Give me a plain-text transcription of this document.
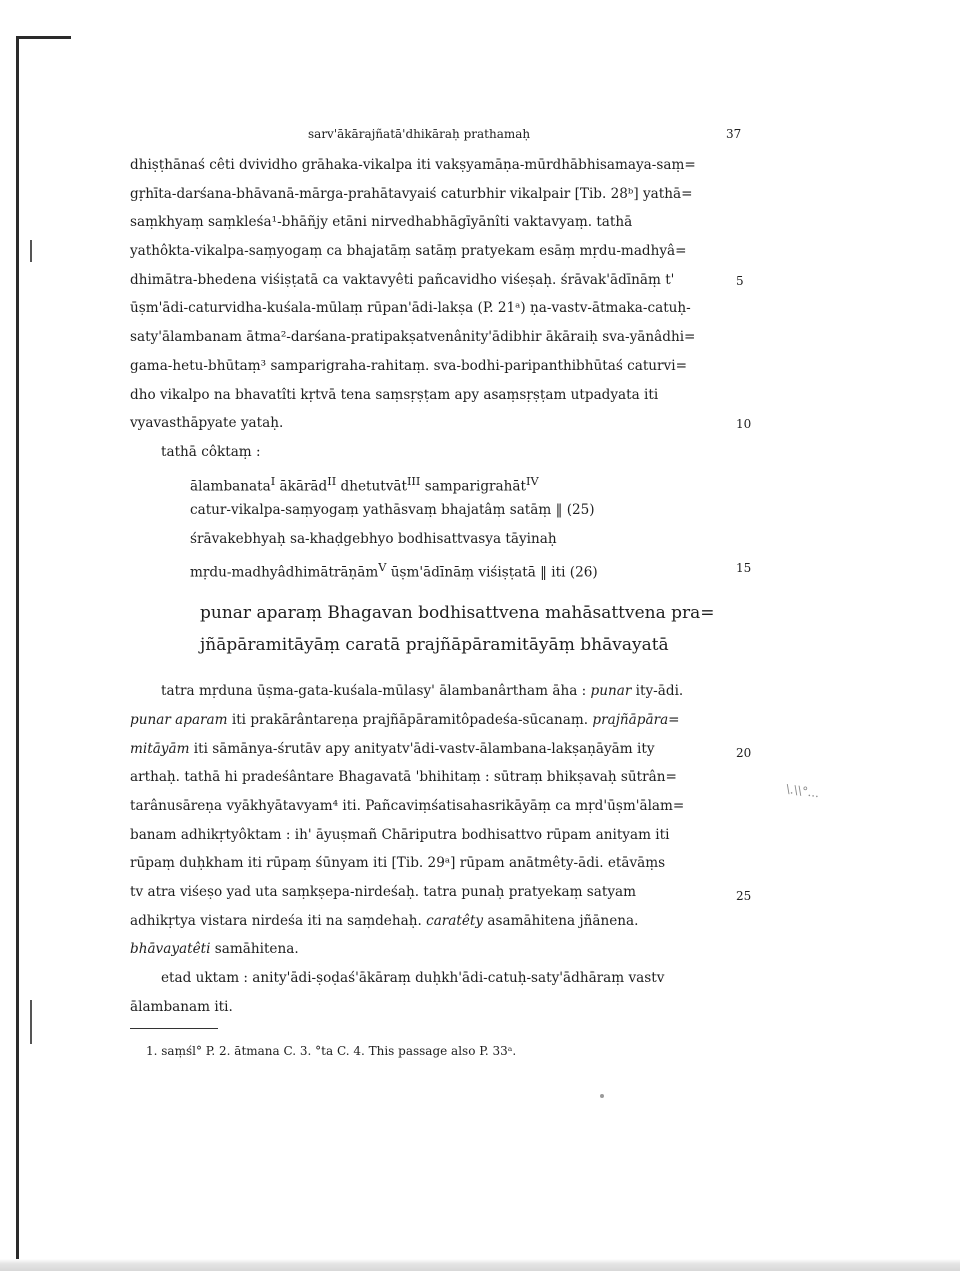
sarv'ākārajñatā'dhikāraḥ prathamaḥ	37
dhiṣṭhānaś cêti dvividho grāhaka-vikalpa iti vakṣyamāṇa-mūrdhābhisamaya-saṃ=
gṛhīta-darśana-bhāvanā-mārga-prahātavyaiś caturbhir vikalpair [Tib. 28ᵇ] yathā=
saṃkhyaṃ saṃkleśa¹-bhāñjy etāni nirvedhabhāgīyānîti vaktavyaṃ. tathā
yathôkta-vikalpa-saṃyogaṃ ca bhajatāṃ satāṃ pratyekam esāṃ mṛdu-madhyâ=
dhimātra-bhedena viśiṣṭatā ca vaktavyêti pañcavidho viśeṣaḥ. śrāvak'ādīnāṃ t'
ūṣm'ādi-caturvidha-kuśala-mūlaṃ rūpan'ādi-lakṣa (P. 21ᵃ) ṇa-vastv-ātmaka-catuḥ-
saty'ālambanam ātma²-darśana-pratipakṣatvenânity'ādibhir ākāraiḥ sva-yānâdhi=
gama-hetu-bhūtaṃ³ samparigraha-rahitaṃ. sva-bodhi-paripanthibhūtaś caturvi=
dho vikalpo na bhavatîti kṛtvā tena saṃsṛṣṭam apy asaṃsṛṣṭam utpadyata iti
vyavasthāpyate yataḥ.
tathā côktaṃ :
ālambanata$^I$ ākārād$^{II}$ dhetutvāt$^{III}$ samparigrahāt$^{IV}$
catur-vikalpa-saṃyogaṃ yathāsvaṃ bhajatâṃ satāṃ ‖ (25)
śrāvakebhyaḥ sa-khaḍgebhyo bodhisattvasya tāyinaḥ
mṛdu-madhyâdhimātrāṇām$^V$ ūṣm'ādīnāṃ viśiṣṭatā ‖ iti (26)
punar aparaṃ Bhagavan bodhisattvena mahāsattvena pra=
jñāpāramitāyāṃ caratā prajñāpāramitāyāṃ bhāvayatā
tatra mṛduna ūṣma-gata-kuśala-mūlasy' ālambanârtham āha : punar ity-ādi.
punar aparam iti prakārântareṇa prajñāpāramitôpadeśa-sūcanaṃ. prajñāpāra=
mitāyām iti sāmānya-śrutāv apy anityatv'ādi-vastv-ālambana-lakṣaṇāyām ity
arthaḥ. tathā hi pradeśântare Bhagavatā 'bhihitaṃ : sūtraṃ bhikṣavaḥ sūtrân=
tarânusāreṇa vyākhyātavyam⁴ iti. Pañcaviṃśatisahasrikāyāṃ ca mṛd'ūṣm'ālam=
banam adhikṛtyôktam : ih' āyuṣmañ Chāriputra bodhisattvo rūpam anityam iti
rūpaṃ duḥkham iti rūpaṃ śūnyam iti [Tib. 29ᵃ] rūpam anātmêty-ādi. etāvāṃs
tv atra viśeṣo yad uta saṃkṣepa-nirdeśaḥ. tatra punaḥ pratyekaṃ satyam
adhikṛtya vistara nirdeśa iti na saṃdehaḥ. caratêty asamāhitena jñānena.
bhāvayatêti samāhitena.
etad uktam : anity'ādi-ṣoḍaś'ākāraṃ duḥkh'ādi-catuḥ-saty'ādhāraṃ vastv
ālambanam iti.
5
10
15
20
25
\.\\°...
1. saṃśl° P. 2. ātmana C. 3. °ta C. 4. This passage also P. 33ᵃ.
